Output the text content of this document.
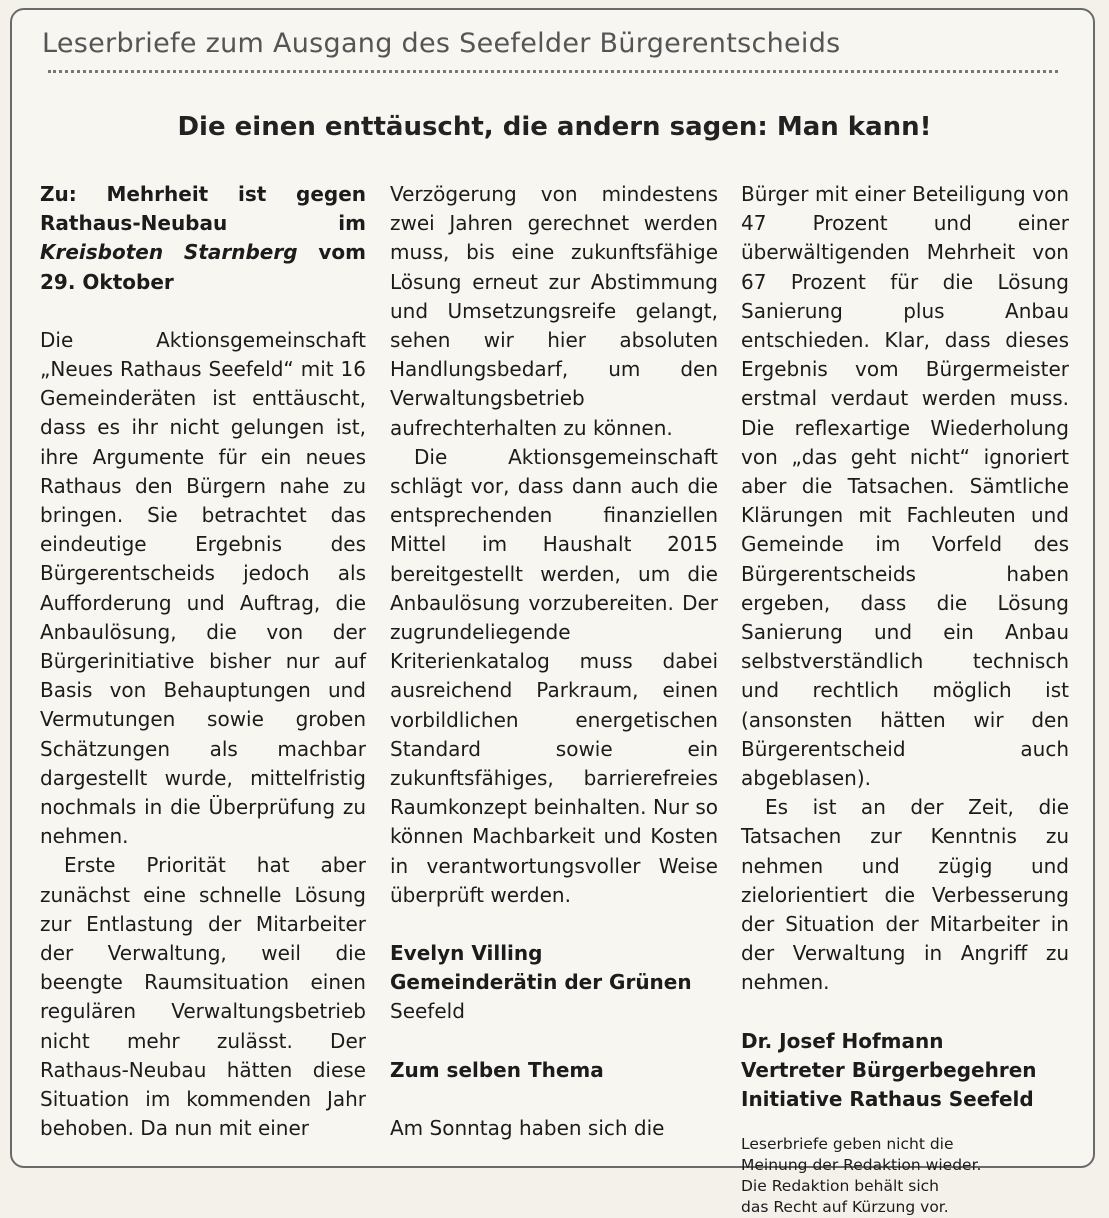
Leserbriefe zum Ausgang des Seefelder Bürgerentscheids
Die einen enttäuscht, die andern sagen: Man kann!

Zu: Mehrheit ist gegen Rathaus-Neubau im Kreisboten Starnberg vom 29. Oktober

Die Aktionsgemeinschaft „Neues Rathaus Seefeld“ mit 16 Gemeinderäten ist enttäuscht, dass es ihr nicht gelungen ist, ihre Argumente für ein neues Rathaus den Bürgern nahe zu bringen. Sie betrachtet das eindeutige Ergebnis des Bürgerentscheids jedoch als Aufforderung und Auftrag, die Anbaulösung, die von der Bürgerinitiative bisher nur auf Basis von Behauptungen und Vermutungen sowie groben Schätzungen als machbar dargestellt wurde, mittelfristig nochmals in die Überprüfung zu nehmen.

Erste Priorität hat aber zunächst eine schnelle Lösung zur Entlastung der Mitarbeiter der Verwaltung, weil die beengte Raumsituation einen regulären Verwaltungsbetrieb nicht mehr zulässt. Der Rathaus-Neubau hätten diese Situation im kommenden Jahr behoben. Da nun mit einer

Verzögerung von mindestens zwei Jahren gerechnet werden muss, bis eine zukunftsfähige Lösung erneut zur Abstimmung und Umsetzungsreife gelangt, sehen wir hier absoluten Handlungsbedarf, um den Verwaltungsbetrieb aufrechterhalten zu können.

Die Aktionsgemeinschaft schlägt vor, dass dann auch die entsprechenden finanziellen Mittel im Haushalt 2015 bereitgestellt werden, um die Anbaulösung vorzubereiten. Der zugrundeliegende Kriterienkatalog muss dabei ausreichend Parkraum, einen vorbildlichen energetischen Standard sowie ein zukunftsfähiges, barrierefreies Raumkonzept beinhalten. Nur so können Machbarkeit und Kosten in verantwortungsvoller Weise überprüft werden.

Evelyn Villing

Gemeinderätin der Grünen

Seefeld

Zum selben Thema

Am Sonntag haben sich die

Bürger mit einer Beteiligung von 47 Prozent und einer überwältigenden Mehrheit von 67 Prozent für die Lösung Sanierung plus Anbau entschieden. Klar, dass dieses Ergebnis vom Bürgermeister erstmal verdaut werden muss. Die reflexartige Wiederholung von „das geht nicht“ ignoriert aber die Tatsachen. Sämtliche Klärungen mit Fachleuten und Gemeinde im Vorfeld des Bürgerentscheids haben ergeben, dass die Lösung Sanierung und ein Anbau selbstverständlich technisch und rechtlich möglich ist (ansonsten hätten wir den Bürgerentscheid auch abgeblasen).

Es ist an der Zeit, die Tatsachen zur Kenntnis zu nehmen und zügig und zielorientiert die Verbesserung der Situation der Mitarbeiter in der Verwaltung in Angriff zu nehmen.

Dr. Josef Hofmann

Vertreter Bürgerbegehren

Initiative Rathaus Seefeld

Leserbriefe geben nicht die
Meinung der Redaktion wieder.
Die Redaktion behält sich
das Recht auf Kürzung vor.
